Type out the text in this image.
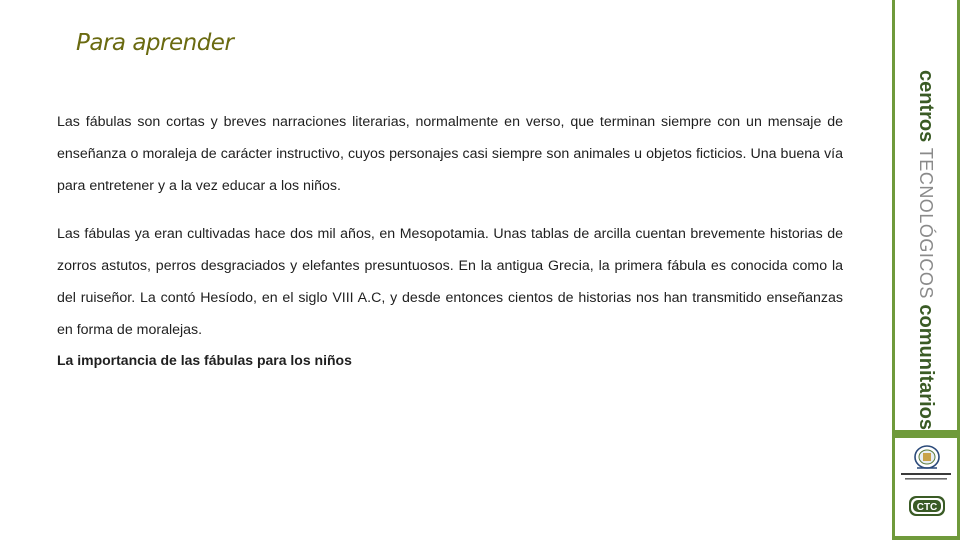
Para aprender

Las fábulas son cortas y breves narraciones literarias, normalmente en verso, que terminan siempre con un mensaje de enseñanza o moraleja de carácter instructivo, cuyos personajes casi siempre son animales u objetos ficticios. Una buena vía para entretener y a la vez educar a los niños.

Las fábulas ya eran cultivadas hace dos mil años, en Mesopotamia. Unas tablas de arcilla cuentan brevemente historias de zorros astutos, perros desgraciados y elefantes presuntuosos. En la antigua Grecia, la primera fábula es conocida como la del ruiseñor. La contó Hesíodo, en el siglo VIII A.C, y desde entonces cientos de historias nos han transmitido enseñanzas en forma de moralejas.

La importancia de las fábulas para los niños

centros TECNOLÓGICOS comunitarios
CTC
